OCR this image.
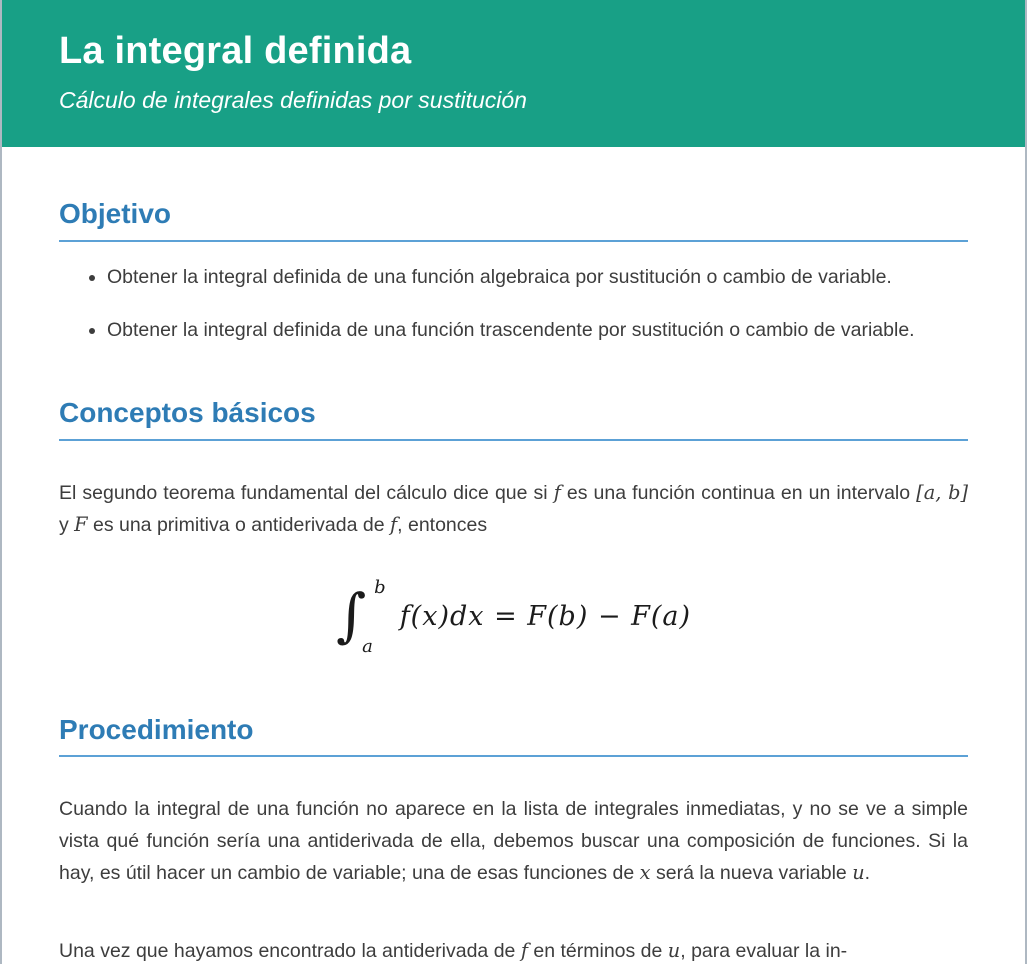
La integral definida

Cálculo de integrales definidas por sustitución

Objetivo
• Obtener la integral definida de una función algebraica por sustitución o cambio de variable.
• Obtener la integral definida de una función trascendente por sustitución o cambio de variable.
Conceptos básicos

El segundo teorema fundamental del cálculo dice que si f es una función continua en un intervalo [a, b] y F es una primitiva o antiderivada de f, entonces

∫ b
a
f(x)dx = F(b) − F(a)
Procedimiento

Cuando la integral de una función no aparece en la lista de integrales inmediatas, y no se ve a simple vista qué función sería una antiderivada de ella, debemos buscar una composición de funciones. Si la hay, es útil hacer un cambio de variable; una de esas funciones de x será la nueva variable u.

Una vez que hayamos encontrado la antiderivada de f en términos de u, para evaluar la in-
